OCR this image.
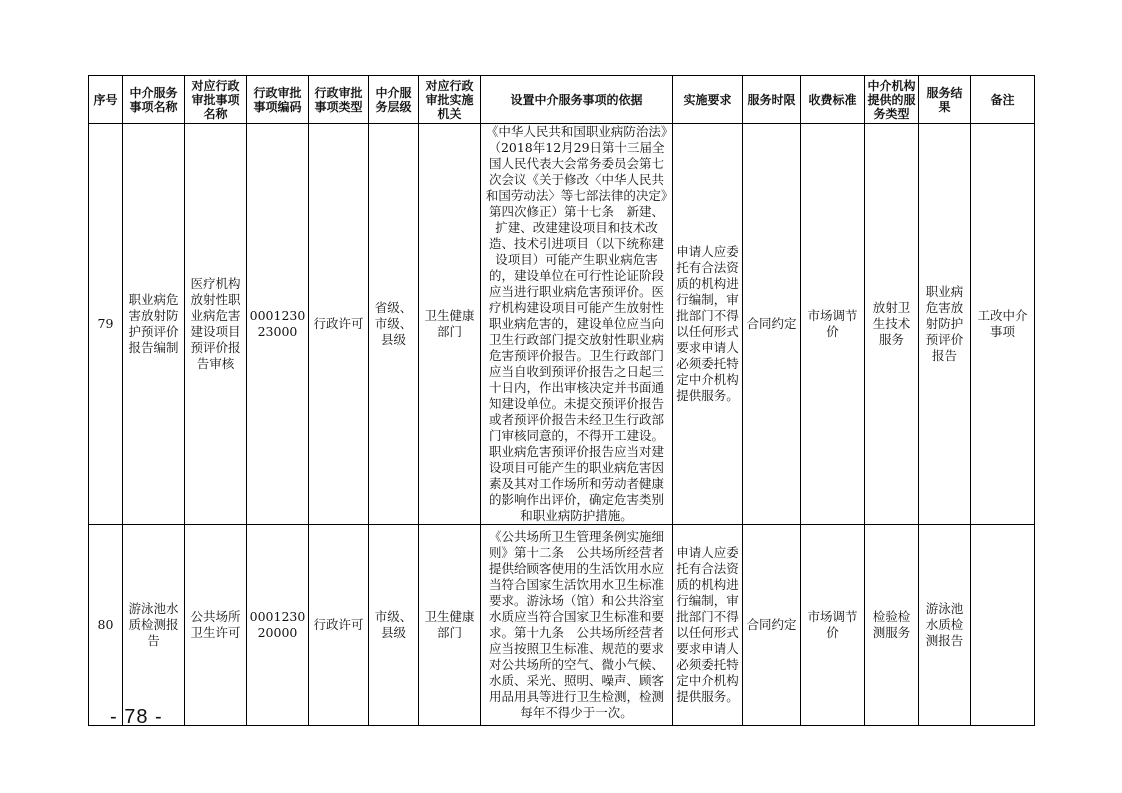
序号	中介服务事项名称	对应行政审批事项名称	行政审批事项编码	行政审批事项类型	中介服务层级	对应行政审批实施机关	设置中介服务事项的依据	实施要求	服务时限	收费标准	中介机构提供的服务类型	服务结果	备注
79	职业病危害放射防护预评价报告编制	医疗机构放射性职业病危害建设项目预评价报告审核	000123023000	行政许可	省级、市级、县级	卫生健康部门	《中华人民共和国职业病防治法》（2018年12月29日第十三届全国人民代表大会常务委员会第七次会议《关于修改〈中华人民共和国劳动法〉等七部法律的决定》第四次修正）第十七条　新建、扩建、改建建设项目和技术改造、技术引进项目（以下统称建设项目）可能产生职业病危害的，建设单位在可行性论证阶段应当进行职业病危害预评价。医疗机构建设项目可能产生放射性职业病危害的，建设单位应当向卫生行政部门提交放射性职业病危害预评价报告。卫生行政部门应当自收到预评价报告之日起三十日内，作出审核决定并书面通知建设单位。未提交预评价报告或者预评价报告未经卫生行政部门审核同意的，不得开工建设。职业病危害预评价报告应当对建设项目可能产生的职业病危害因素及其对工作场所和劳动者健康的影响作出评价，确定危害类别和职业病防护措施。	申请人应委托有合法资质的机构进行编制，审批部门不得以任何形式要求申请人必须委托特定中介机构提供服务。	合同约定	市场调节价	放射卫生技术服务	职业病危害放射防护预评价报告	工改中介事项
80	游泳池水质检测报告	公共场所卫生许可	000123020000	行政许可	市级、县级	卫生健康部门	《公共场所卫生管理条例实施细则》第十二条　公共场所经营者提供给顾客使用的生活饮用水应当符合国家生活饮用水卫生标准要求。游泳场（馆）和公共浴室水质应当符合国家卫生标准和要求。第十九条　公共场所经营者应当按照卫生标准、规范的要求对公共场所的空气、微小气候、水质、采光、照明、噪声、顾客用品用具等进行卫生检测，检测每年不得少于一次。	申请人应委托有合法资质的机构进行编制，审批部门不得以任何形式要求申请人必须委托特定中介机构提供服务。	合同约定	市场调节价	检验检测服务	游泳池水质检测报告	
- 78 -
